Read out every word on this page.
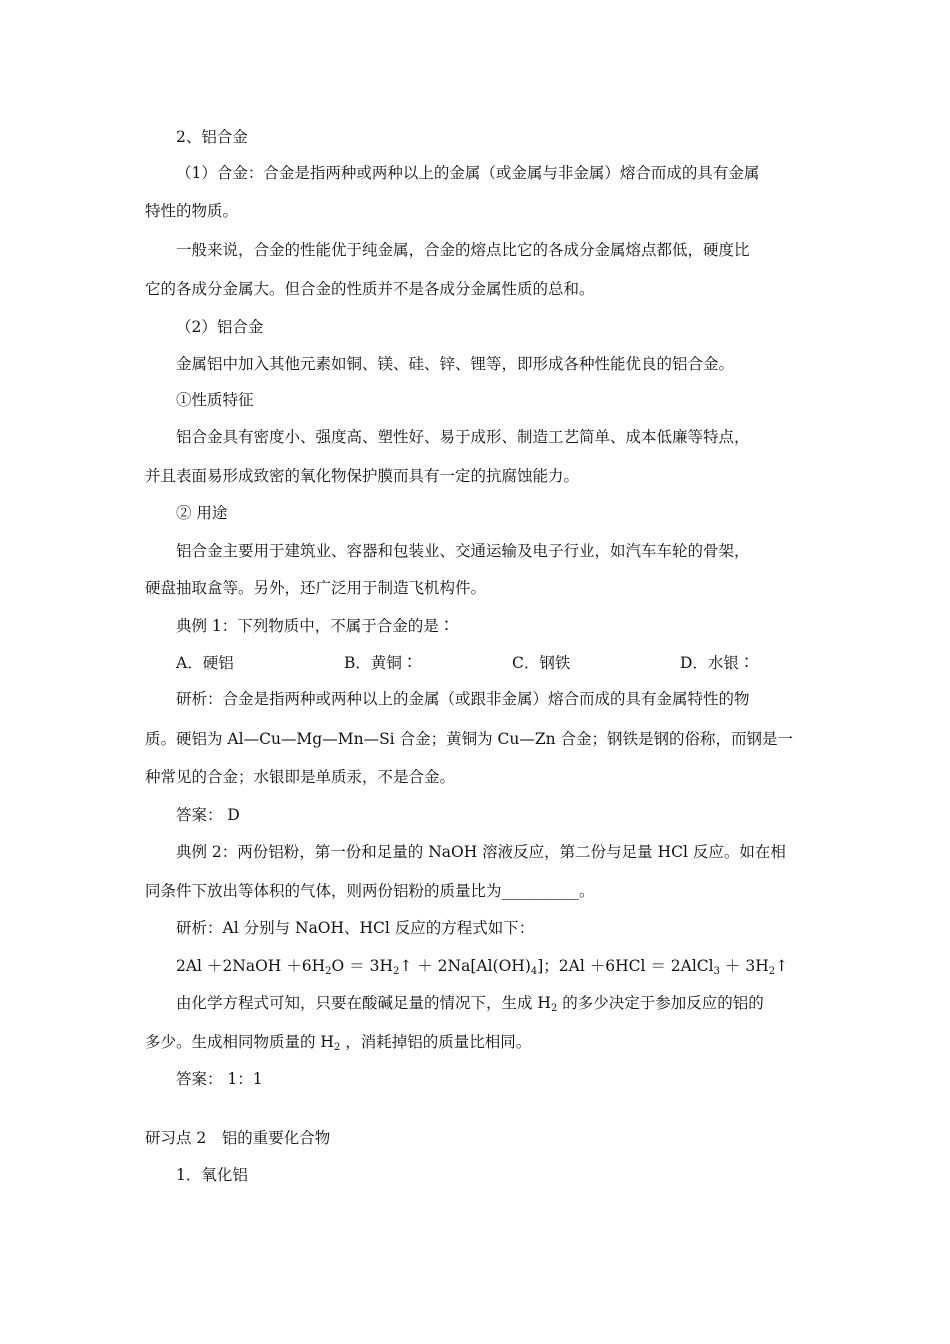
2、铝合金
（1）合金：合金是指两种或两种以上的金属（或金属与非金属）熔合而成的具有金属
特性的物质。
一般来说，合金的性能优于纯金属，合金的熔点比它的各成分金属熔点都低，硬度比
它的各成分金属大。但合金的性质并不是各成分金属性质的总和。
（2）铝合金
金属铝中加入其他元素如铜、镁、硅、锌、锂等，即形成各种性能优良的铝合金。
①性质特征
铝合金具有密度小、强度高、塑性好、易于成形、制造工艺简单、成本低廉等特点，
并且表面易形成致密的氧化物保护膜而具有一定的抗腐蚀能力。
② 用途
铝合金主要用于建筑业、容器和包装业、交通运输及电子行业，如汽车车轮的骨架，
硬盘抽取盒等。另外，还广泛用于制造飞机构件。
典例 1：下列物质中，不属于合金的是∶
A．硬铝	B．黄铜∶	C．钢铁	D．水银∶
研析：合金是指两种或两种以上的金属（或跟非金属）熔合而成的具有金属特性的物
质。硬铝为 Al—Cu—Mg—Mn—Si 合金；黄铜为 Cu—Zn 合金；钢铁是钢的俗称，而钢是一
种常见的合金；水银即是单质汞，不是合金。
答案： D
典例 2：两份铝粉，第一份和足量的 NaOH 溶液反应，第二份与足量 HCl 反应。如在相
同条件下放出等体积的气体，则两份铝粉的质量比为__________。
研析：Al 分别与 NaOH、HCl 反应的方程式如下：
2Al ＋2NaOH $+6H_2O$ ＝ $3H_2↑ + 2Na[Al(OH)_4]$；2Al ＋6HCl ＝ 2AlCl$_3$ ＋ $3H_2↑$
由化学方程式可知，只要在酸碱足量的情况下，生成 $H_2$ 的多少决定于参加反应的铝的
多少。生成相同物质量的 $H_2$ ，消耗掉铝的质量比相同。
答案： 1：1
研习点 2　铝的重要化合物
1．氧化铝
